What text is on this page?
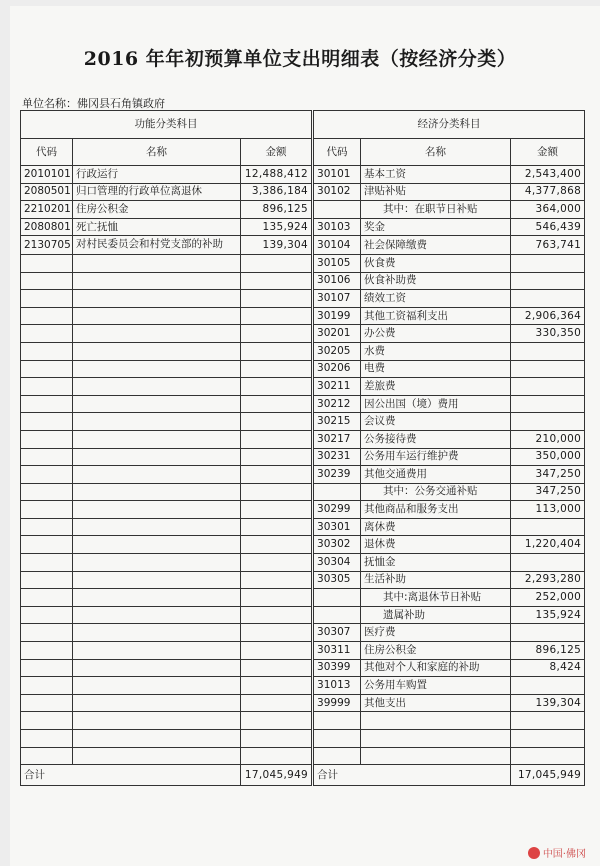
2016 年年初预算单位支出明细表（按经济分类）
单位名称：佛冈县石角镇政府
功能分类科目			经济分类科目		
代码	名称	金额	代码	名称	金额
2010101	行政运行	12,488,412	30101	基本工资	2,543,400
2080501	归口管理的行政单位离退休	3,386,184	30102	津贴补贴	4,377,868
2210201	住房公积金	896,125		其中：在职节日补贴	364,000
2080801	死亡抚恤	135,924	30103	奖金	546,439
2130705	对村民委员会和村党支部的补助	139,304	30104	社会保障缴费	763,741
			30105	伙食费	
			30106	伙食补助费	
			30107	绩效工资	
			30199	其他工资福利支出	2,906,364
			30201	办公费	330,350
			30205	水费	
			30206	电费	
			30211	差旅费	
			30212	因公出国（境）费用	
			30215	会议费	
			30217	公务接待费	210,000
			30231	公务用车运行维护费	350,000
			30239	其他交通费用	347,250
				其中：公务交通补贴	347,250
			30299	其他商品和服务支出	113,000
			30301	离休费	
			30302	退休费	1,220,404
			30304	抚恤金	
			30305	生活补助	2,293,280
				其中:离退休节日补贴	252,000
				遗属补助	135,924
			30307	医疗费	
			30311	住房公积金	896,125
			30399	其他对个人和家庭的补助	8,424
			31013	公务用车购置	
			39999	其他支出	139,304

合计		17,045,949	合计		17,045,949
中国·佛冈
